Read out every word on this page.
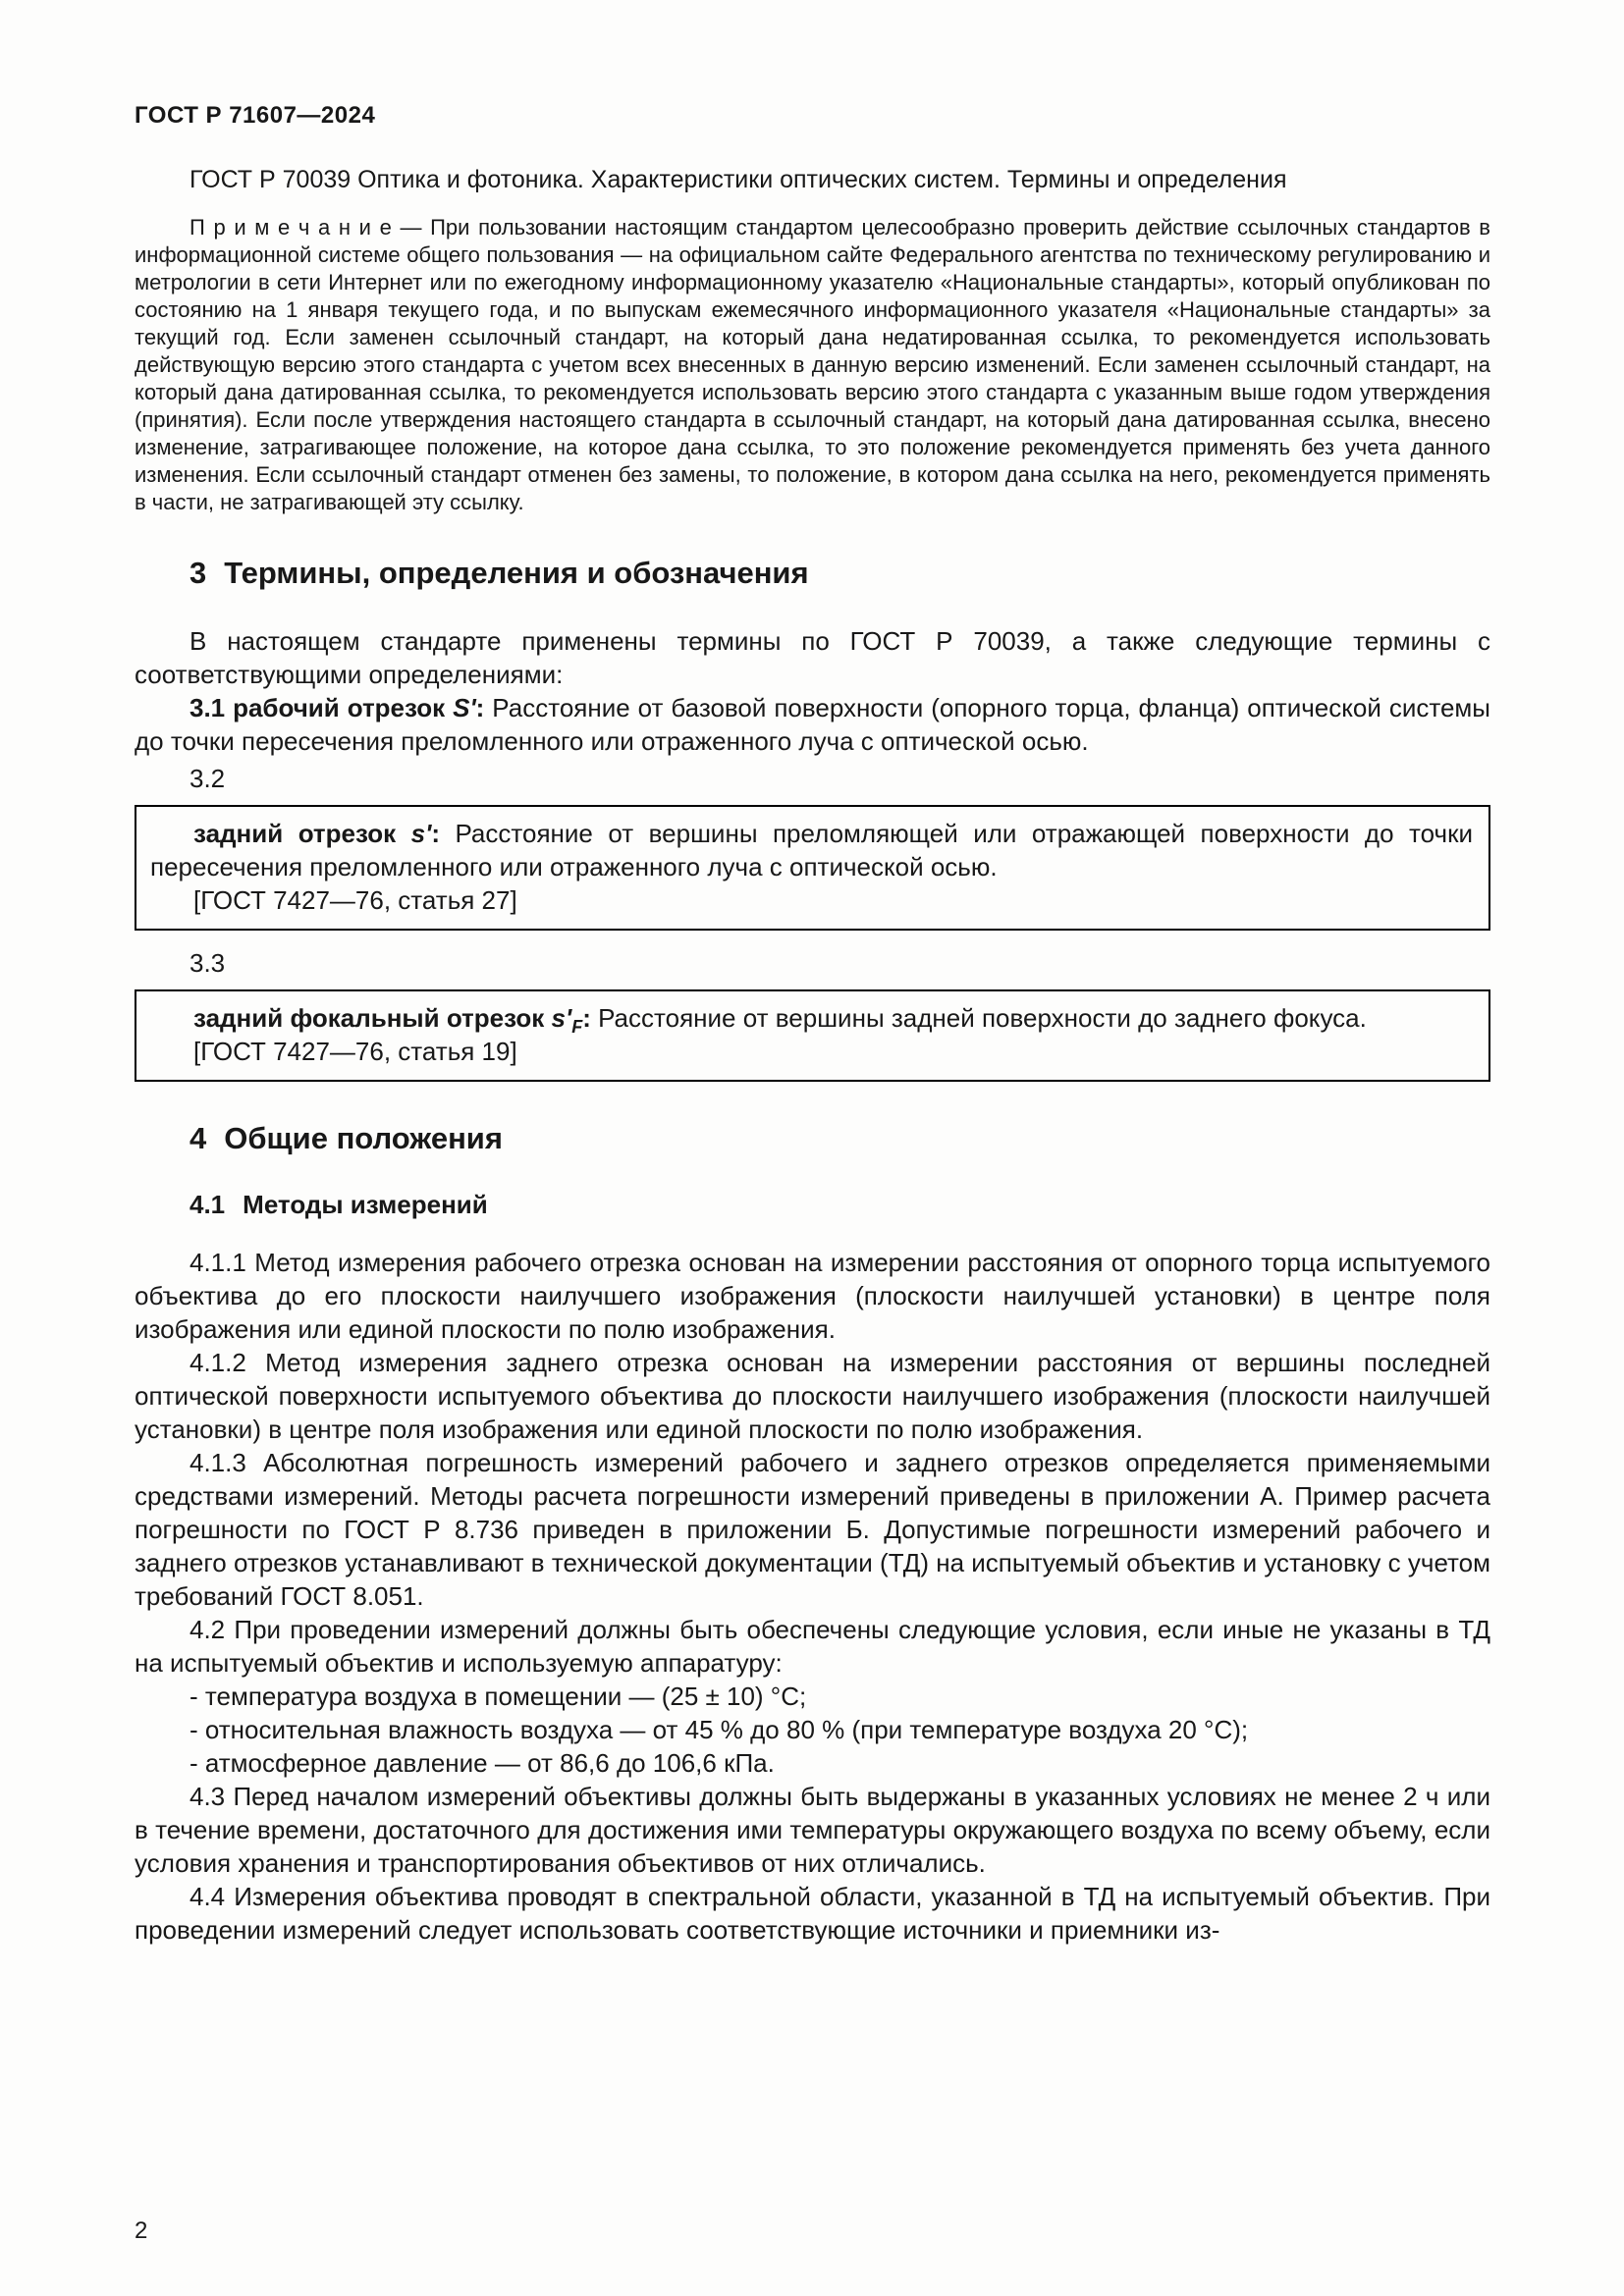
ГОСТ Р 71607—2024

ГОСТ Р 70039 Оптика и фотоника. Характеристики оптических систем. Термины и определения

П р и м е ч а н и е — При пользовании настоящим стандартом целесообразно проверить действие ссылочных стандартов в информационной системе общего пользования — на официальном сайте Федерального агентства по техническому регулированию и метрологии в сети Интернет или по ежегодному информационному указателю «Национальные стандарты», который опубликован по состоянию на 1 января текущего года, и по выпускам ежемесячного информационного указателя «Национальные стандарты» за текущий год. Если заменен ссылочный стандарт, на который дана недатированная ссылка, то рекомендуется использовать действующую версию этого стандарта с учетом всех внесенных в данную версию изменений. Если заменен ссылочный стандарт, на который дана датированная ссылка, то рекомендуется использовать версию этого стандарта с указанным выше годом утверждения (принятия). Если после утверждения настоящего стандарта в ссылочный стандарт, на который дана датированная ссылка, внесено изменение, затрагивающее положение, на которое дана ссылка, то это положение рекомендуется применять без учета данного изменения. Если ссылочный стандарт отменен без замены, то положение, в котором дана ссылка на него, рекомендуется применять в части, не затрагивающей эту ссылку.

3 Термины, определения и обозначения

В настоящем стандарте применены термины по ГОСТ Р 70039, а также следующие термины с соответствующими определениями:

3.1 рабочий отрезок S': Расстояние от базовой поверхности (опорного торца, фланца) оптической системы до точки пересечения преломленного или отраженного луча с оптической осью.

3.2

задний отрезок s': Расстояние от вершины преломляющей или отражающей поверхности до точки пересечения преломленного или отраженного луча с оптической осью.

[ГОСТ 7427—76, статья 27]

3.3

задний фокальный отрезок $s'_F$: Расстояние от вершины задней поверхности до заднего фокуса.

[ГОСТ 7427—76, статья 19]

4 Общие положения
4.1 Методы измерений

4.1.1 Метод измерения рабочего отрезка основан на измерении расстояния от опорного торца испытуемого объектива до его плоскости наилучшего изображения (плоскости наилучшей установки) в центре поля изображения или единой плоскости по полю изображения.

4.1.2 Метод измерения заднего отрезка основан на измерении расстояния от вершины последней оптической поверхности испытуемого объектива до плоскости наилучшего изображения (плоскости наилучшей установки) в центре поля изображения или единой плоскости по полю изображения.

4.1.3 Абсолютная погрешность измерений рабочего и заднего отрезков определяется применяемыми средствами измерений. Методы расчета погрешности измерений приведены в приложении А. Пример расчета погрешности по ГОСТ Р 8.736 приведен в приложении Б. Допустимые погрешности измерений рабочего и заднего отрезков устанавливают в технической документации (ТД) на испытуемый объектив и установку с учетом требований ГОСТ 8.051.

4.2 При проведении измерений должны быть обеспечены следующие условия, если иные не указаны в ТД на испытуемый объектив и используемую аппаратуру:

- температура воздуха в помещении — (25 ± 10) °С;

- относительная влажность воздуха — от 45 % до 80 % (при температуре воздуха 20 °С);

- атмосферное давление — от 86,6 до 106,6 кПа.

4.3 Перед началом измерений объективы должны быть выдержаны в указанных условиях не менее 2 ч или в течение времени, достаточного для достижения ими температуры окружающего воздуха по всему объему, если условия хранения и транспортирования объективов от них отличались.

4.4 Измерения объектива проводят в спектральной области, указанной в ТД на испытуемый объектив. При проведении измерений следует использовать соответствующие источники и приемники из-

2
